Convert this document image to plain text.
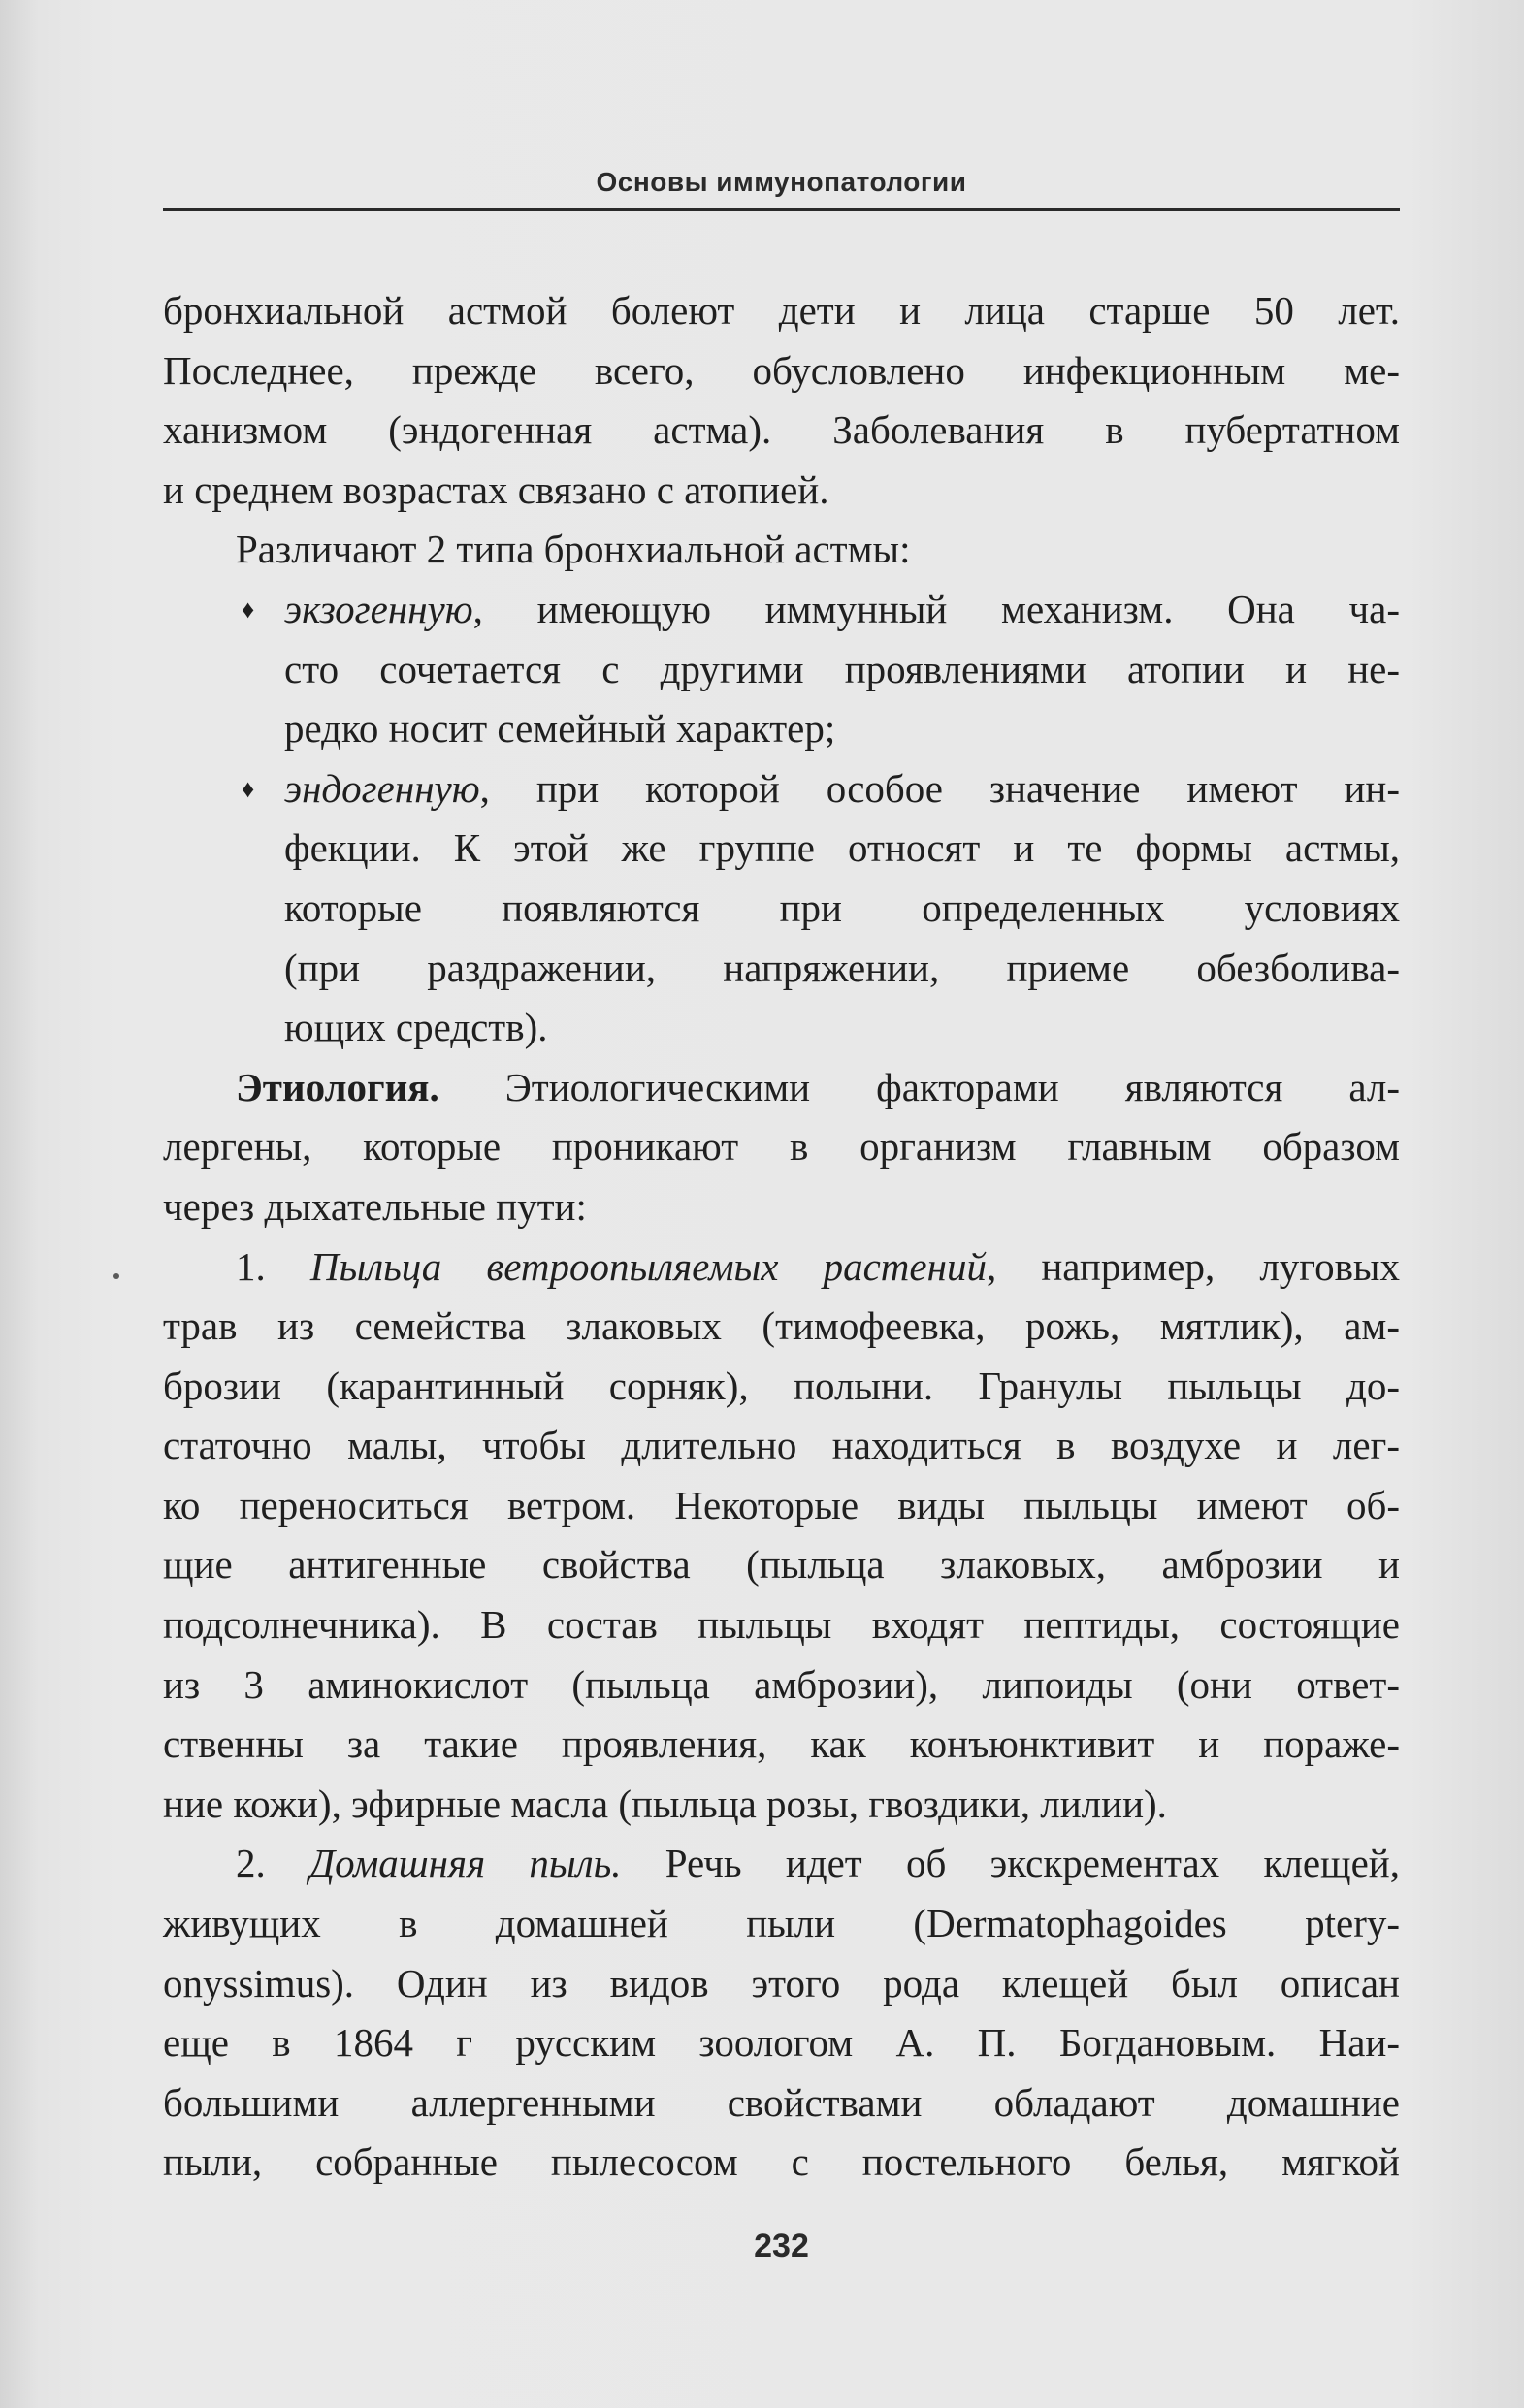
Основы иммунопатологии
бронхиальной астмой болеют дети и лица старше 50 лет.
Последнее, прежде всего, обусловлено инфекционным ме-
ханизмом (эндогенная астма). Заболевания в пубертатном
и среднем возрастах связано с атопией.
Различают 2 типа бронхиальной астмы:
♦ экзогенную, имеющую иммунный механизм. Она ча-
сто сочетается с другими проявлениями атопии и не-
редко носит семейный характер;
♦ эндогенную, при которой особое значение имеют ин-
фекции. К этой же группе относят и те формы астмы,
которые появляются при определенных условиях
(при раздражении, напряжении, приеме обезболива-
ющих средств).
Этиология. Этиологическими факторами являются ал-
лергены, которые проникают в организм главным образом
через дыхательные пути:
1. Пыльца ветроопыляемых растений, например, луговых
трав из семейства злаковых (тимофеевка, рожь, мятлик), ам-
брозии (карантинный сорняк), полыни. Гранулы пыльцы до-
статочно малы, чтобы длительно находиться в воздухе и лег-
ко переноситься ветром. Некоторые виды пыльцы имеют об-
щие антигенные свойства (пыльца злаковых, амброзии и
подсолнечника). В состав пыльцы входят пептиды, состоящие
из 3 аминокислот (пыльца амброзии), липоиды (они ответ-
ственны за такие проявления, как конъюнктивит и пораже-
ние кожи), эфирные масла (пыльца розы, гвоздики, лилии).
2. Домашняя пыль. Речь идет об экскрементах клещей,
живущих в домашней пыли (Dermatophagoides ptery-
onyssimus). Один из видов этого рода клещей был описан
еще в 1864 г русским зоологом А. П. Богдановым. Наи-
большими аллергенными свойствами обладают домашние
пыли, собранные пылесосом с постельного белья, мягкой
232
